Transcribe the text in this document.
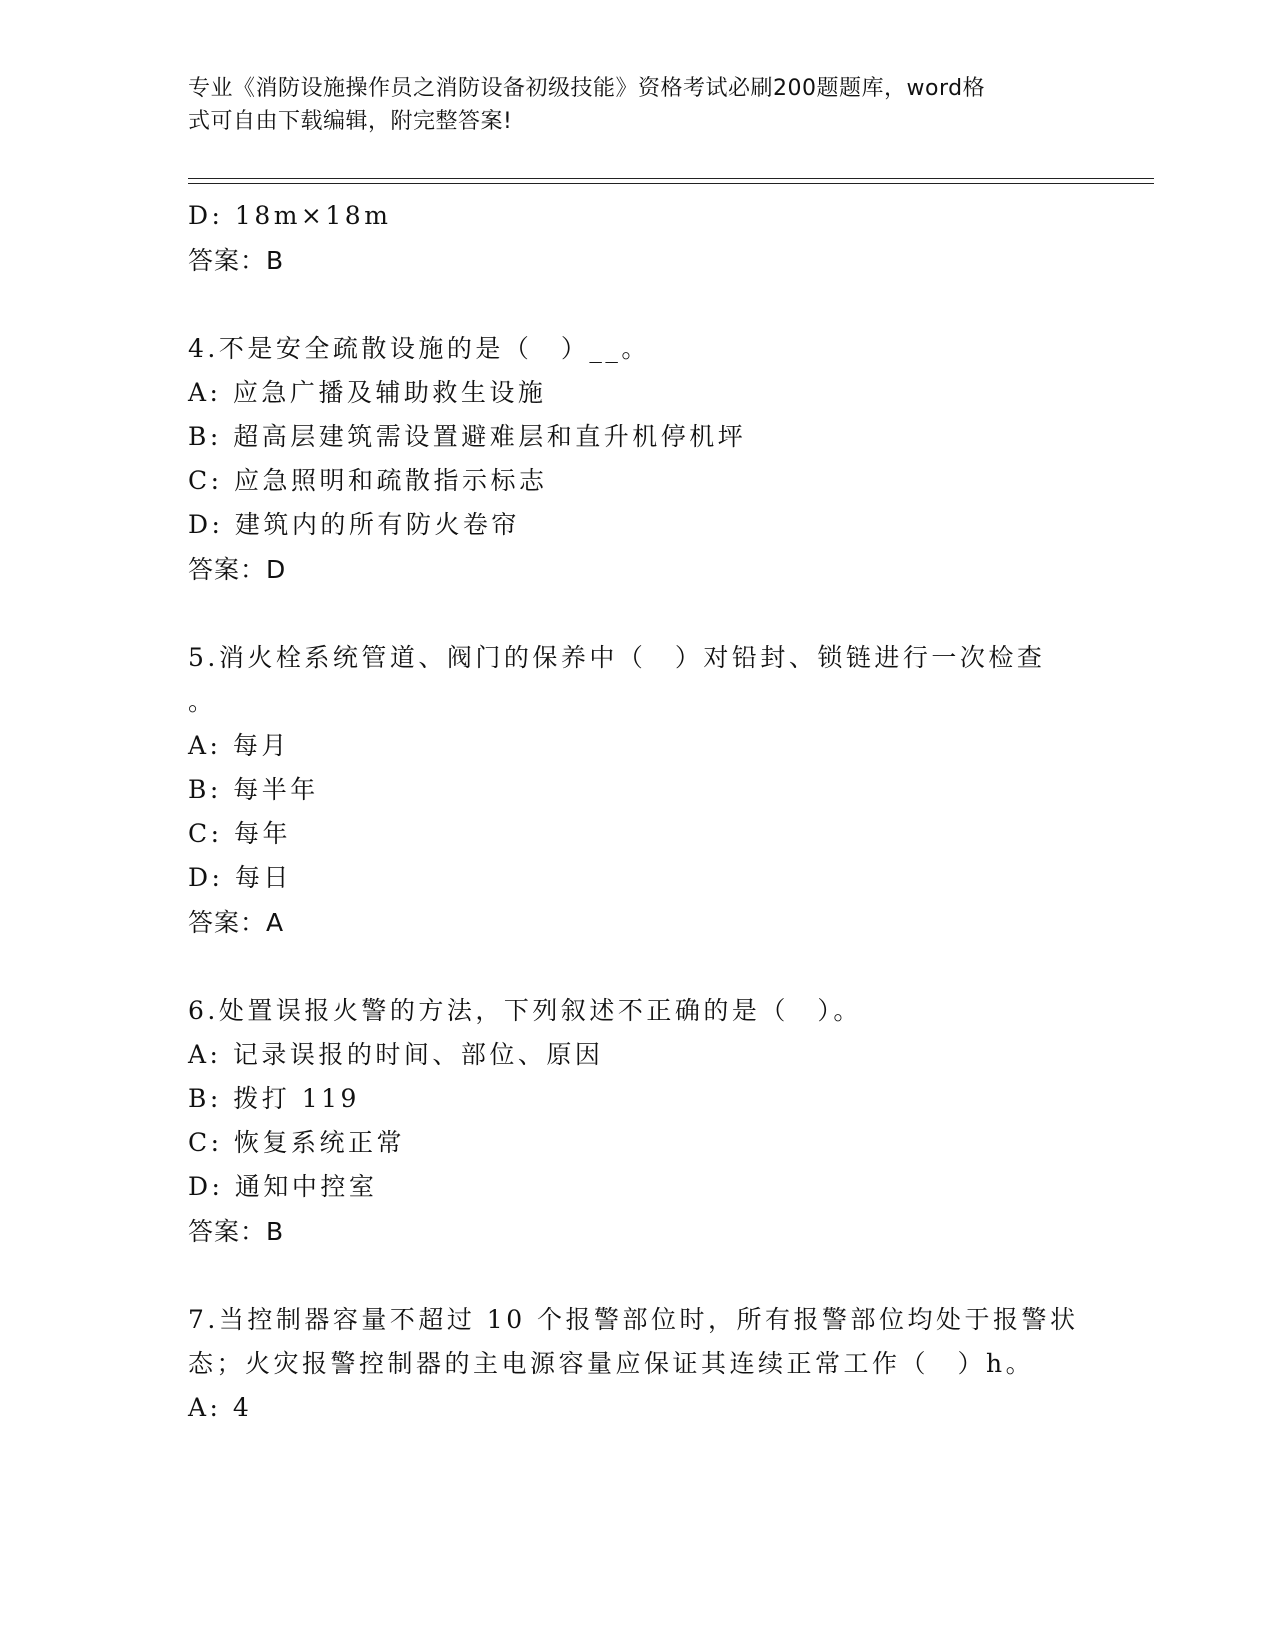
专业《消防设施操作员之消防设备初级技能》资格考试必刷200题题库，word格
式可自由下载编辑，附完整答案!
D: 18m×18m
答案：B
4.不是安全疏散设施的是（　）__。
A: 应急广播及辅助救生设施
B: 超高层建筑需设置避难层和直升机停机坪
C: 应急照明和疏散指示标志
D: 建筑内的所有防火卷帘
答案：D
5.消火栓系统管道、阀门的保养中（　）对铅封、锁链进行一次检查
。
A: 每月
B: 每半年
C: 每年
D: 每日
答案：A
6.处置误报火警的方法，下列叙述不正确的是（　）。
A: 记录误报的时间、部位、原因
B: 拨打 119
C: 恢复系统正常
D: 通知中控室
答案：B
7.当控制器容量不超过 10 个报警部位时，所有报警部位均处于报警状
态；火灾报警控制器的主电源容量应保证其连续正常工作（　）h。
A: 4
